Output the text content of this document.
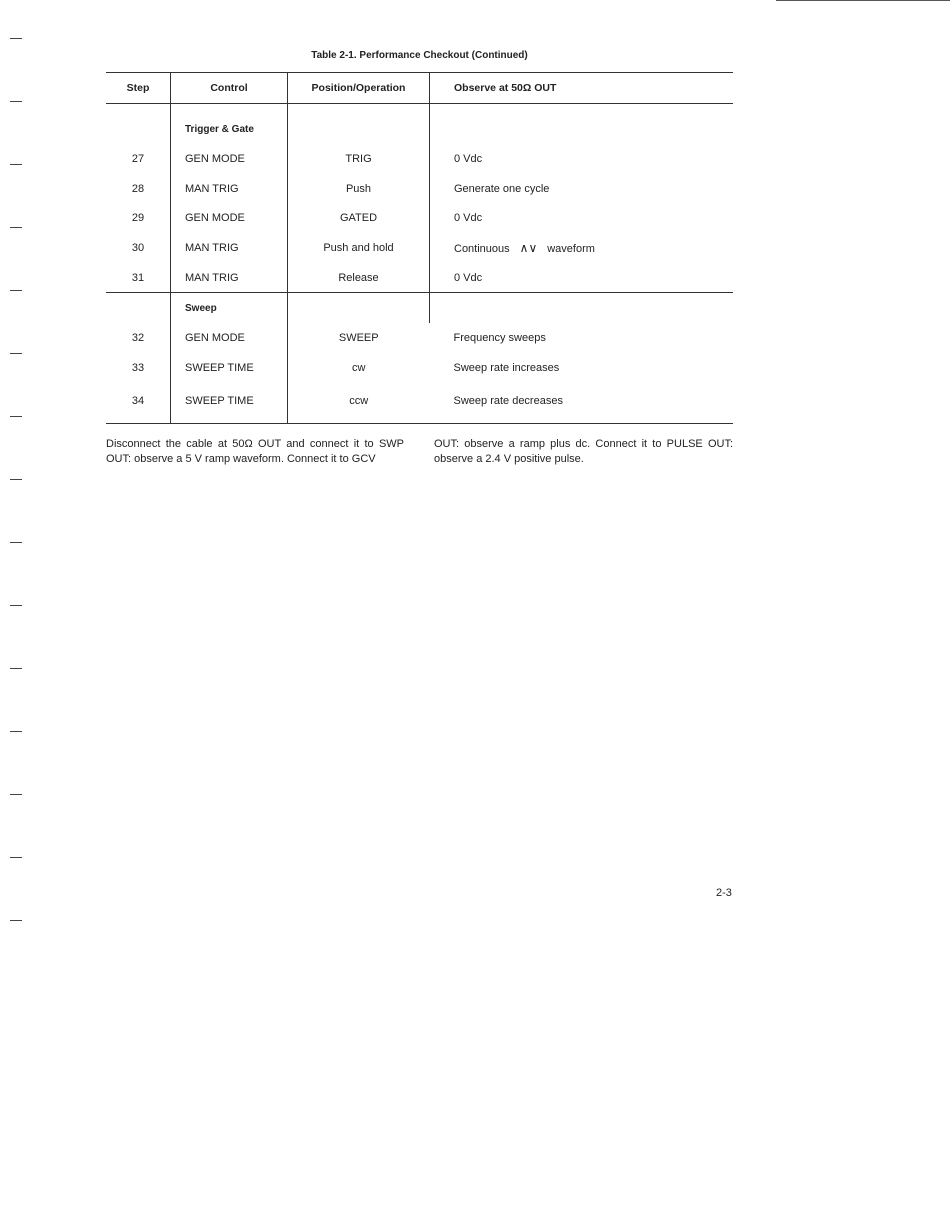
Table 2-1. Performance Checkout (Continued)
Step	Control	Position/Operation	Observe at 50Ω OUT
	Trigger & Gate		
27	GEN MODE	TRIG	0 Vdc
28	MAN TRIG	Push	Generate one cycle
29	GEN MODE	GATED	0 Vdc
30	MAN TRIG	Push and hold	Continuous ∧∨ waveform
31	MAN TRIG	Release	0 Vdc
	Sweep		
32	GEN MODE	SWEEP	Frequency sweeps
33	SWEEP TIME	cw	Sweep rate increases
34	SWEEP TIME	ccw	Sweep rate decreases

Disconnect the cable at 50Ω OUT and connect it to SWP OUT: observe a 5 V ramp waveform. Connect it to GCV

OUT: observe a ramp plus dc. Connect it to PULSE OUT: observe a 2.4 V positive pulse.

2-3
